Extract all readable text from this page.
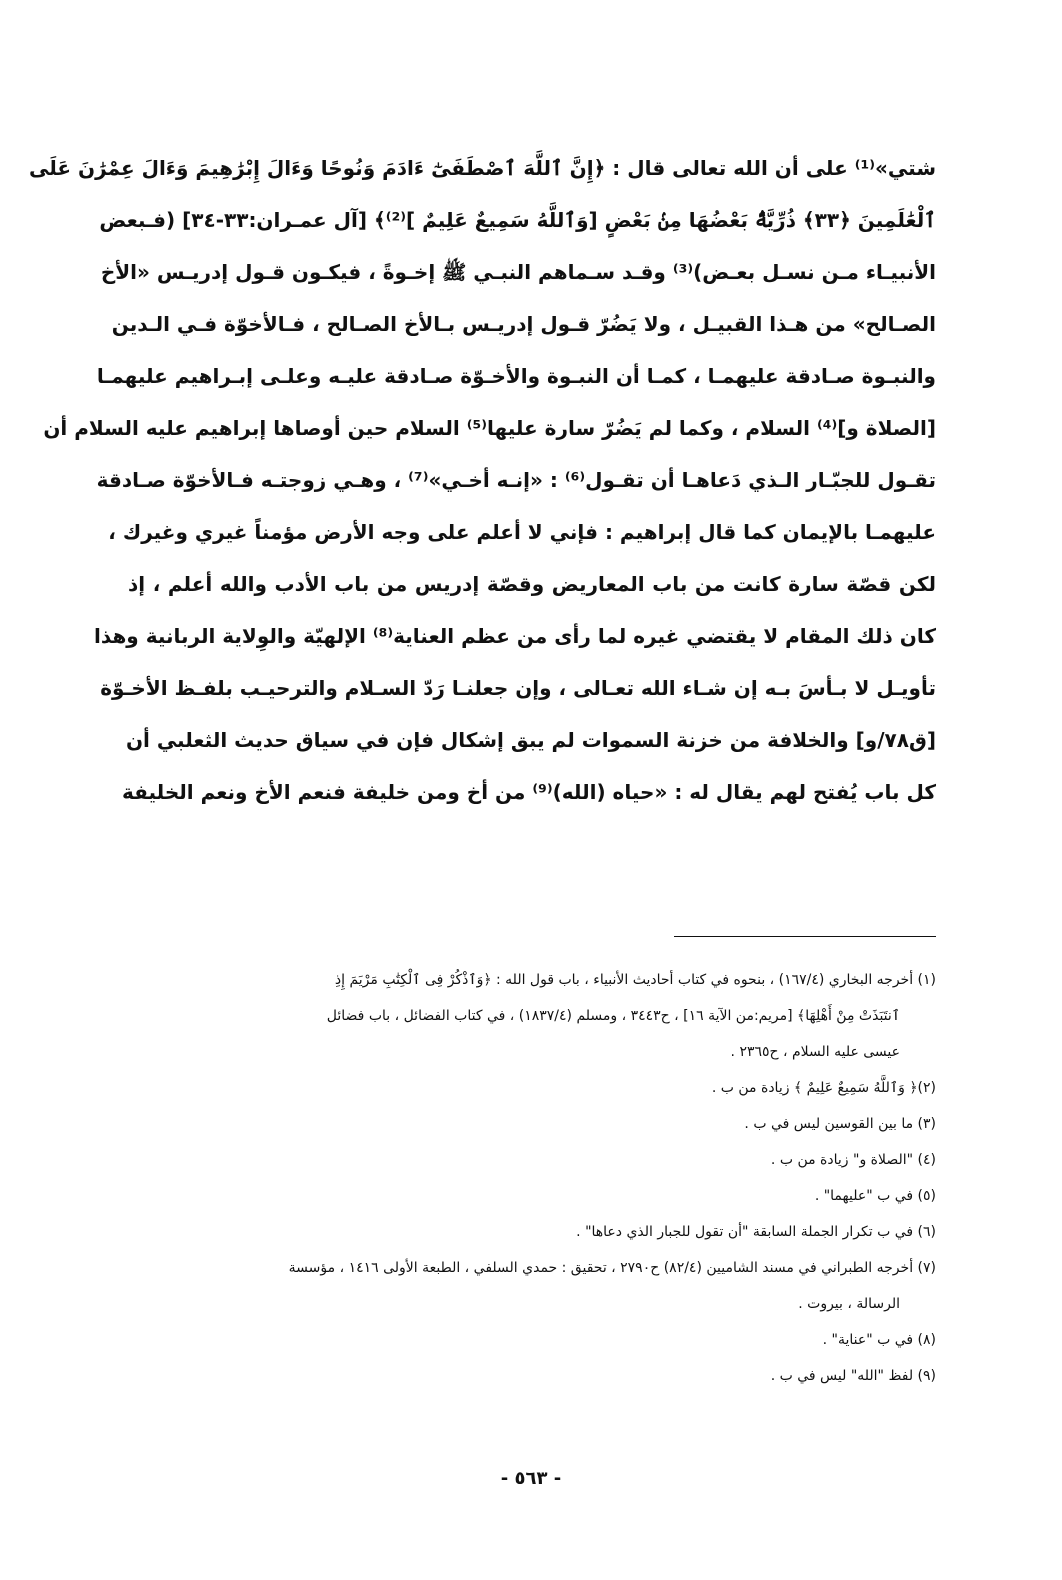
شتي»⁽¹⁾ على أن الله تعالى قال : ﴿إِنَّ ٱللَّهَ ٱصْطَفَىٰٓ ءَادَمَ وَنُوحًا وَءَالَ إِبْرَٰهِيمَ وَءَالَ عِمْرَٰنَ عَلَى
ٱلْعَٰلَمِينَ ﴿٣٣﴾ ذُرِّيَّةًۢ بَعْضُهَا مِنۢ بَعْضٍ [وَٱللَّهُ سَمِيعٌ عَلِيمٌ ]⁽²⁾﴾ [آل عمـران:٣٣-٣٤] (فـبعض
الأنبيـاء مـن نسـل بعـض)⁽³⁾ وقـد سـماهم النبـي ﷺ إخـوةً ، فيكـون قـول إدريـس «الأخ
الصـالح» من هـذا القبيـل ، ولا يَضُرّ قـول إدريـس بـالأخ الصـالح ، فـالأخوّة فـي الـدين
والنبـوة صـادقة عليهمـا ، كمـا أن النبـوة والأخـوّة صـادقة عليـه وعلـى إبـراهيم عليهمـا
[الصلاة و]⁽⁴⁾ السلام ، وكما لم يَضُرّ سارة عليها⁽⁵⁾ السلام حين أوصاها إبراهيم عليه السلام أن
تقـول للجبّـار الـذي دَعاهـا أن تقـول⁽⁶⁾ : «إنـه أخـي»⁽⁷⁾ ، وهـي زوجتـه فـالأخوّة صـادقة
عليهمـا بالإيمان كما قال إبراهيم : فإني لا أعلم على وجه الأرض مؤمناً غيري وغيرك ،
لكن قصّة سارة كانت من باب المعاريض وقصّة إدريس من باب الأدب والله أعلم ، إذ
كان ذلك المقام لا يقتضي غيره لما رأى من عظم العناية⁽⁸⁾ الإلهيّة والوِلاية الربانية وهذا
تأويـل لا بـأسَ بـه إن شـاء الله تعـالى ، وإن جعلنـا رَدّ السـلام والترحيـب بلفـظ الأخـوّة
[ق٧٨/و] والخلافة من خزنة السموات لم يبق إشكال فإن في سياق حديث الثعلبي أن
كل باب يُفتح لهم يقال له : «حياه (الله)⁽⁹⁾ من أخ ومن خليفة فنعم الأخ ونعم الخليفة
(١) أخرجه البخاري (١٦٧/٤) ، بنحوه في كتاب أحاديث الأنبياء ، باب قول الله : ﴿وَٱذْكُرْ فِى ٱلْكِتَٰبِ مَرْيَمَ إِذِ
ٱنتَبَذَتْ مِنْ أَهْلِهَا﴾ [مريم:من الآية ١٦] ، ح٣٤٤٣ ، ومسلم (١٨٣٧/٤) ، في كتاب الفضائل ، باب فضائل
عيسى عليه السلام ، ح٢٣٦٥ .
(٢)﴿ وَٱللَّهُ سَمِيعٌ عَلِيمٌ ﴾ زيادة من ب .
(٣) ما بين القوسين ليس في ب .
(٤) "الصلاة و" زيادة من ب .
(٥) في ب "عليهما" .
(٦) في ب تكرار الجملة السابقة "أن تقول للجبار الذي دعاها" .
(٧) أخرجه الطبراني في مسند الشاميين (٨٢/٤) ح٢٧٩٠ ، تحقيق : حمدي السلفي ، الطبعة الأولى ١٤١٦ ، مؤسسة
الرسالة ، بيروت .
(٨) في ب "عناية" .
(٩) لفظ "الله" ليس في ب .
- ٥٦٣ -
